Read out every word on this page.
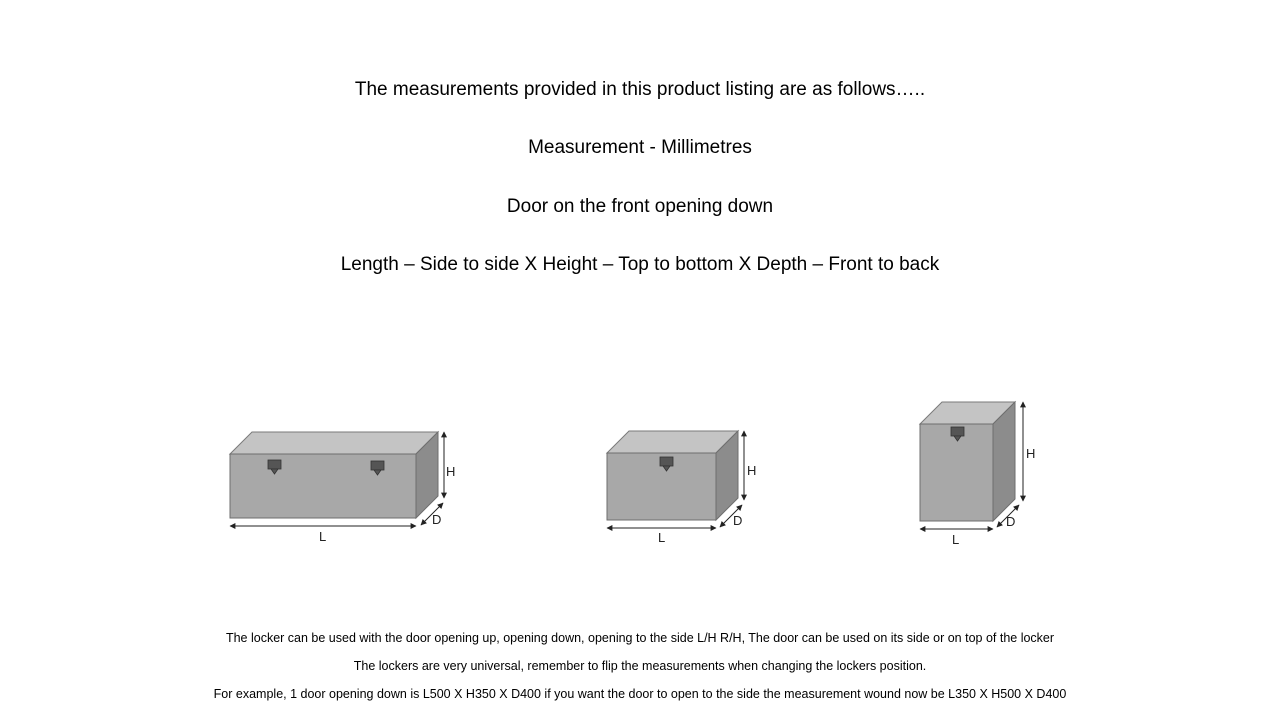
The measurements provided in this product listing are as follows…..
Measurement - Millimetres
Door on the front opening down
Length – Side to side X Height – Top to bottom X Depth – Front to back
H
D
L
H
D
L
H
D
L
The locker can be used with the door opening up, opening down, opening to the side L/H R/H, The door can be used on its side or on top of the locker
The lockers are very universal, remember to flip the measurements when changing the lockers position.
For example, 1 door opening down is L500 X H350 X D400 if you want the door to open to the side the measurement wound now be L350 X H500 X D400
